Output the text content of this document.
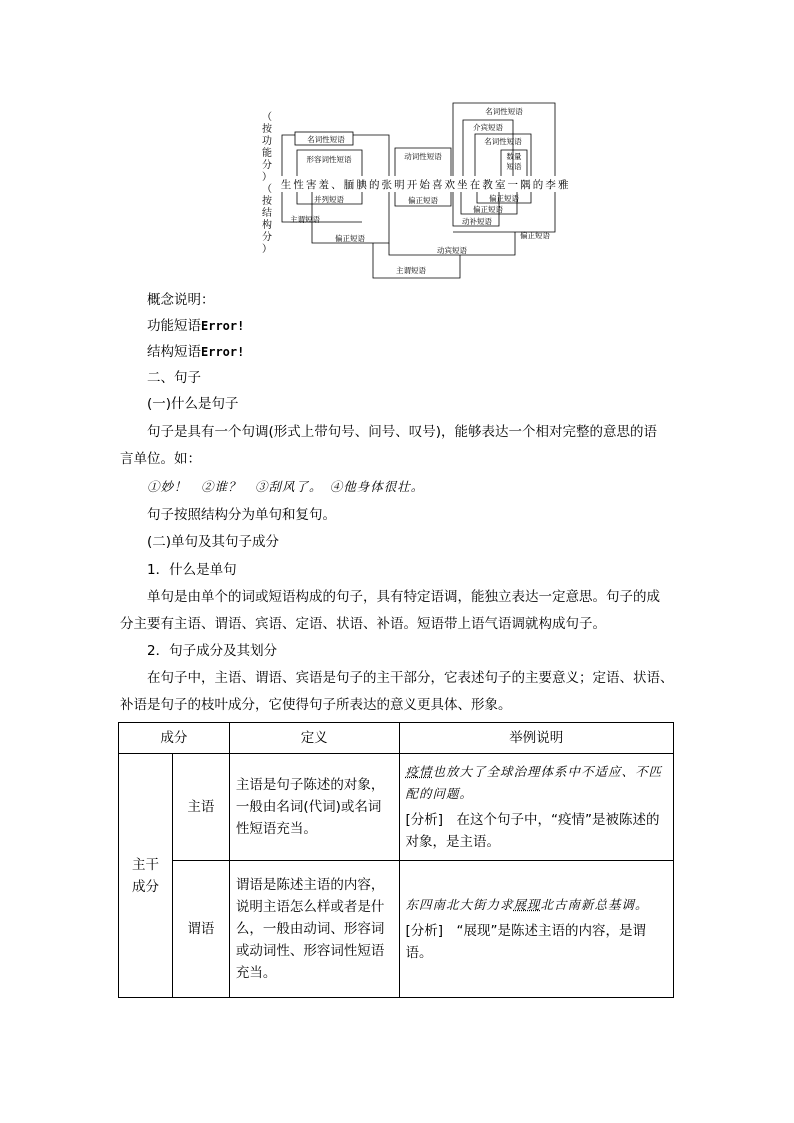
（
按
功
能
分
）
（
按
结
构
分
）
生 性 害 羞 、 腼 腆 的 张 明 开 始 喜 欢 坐 在 教 室 一 隅 的 李 雅
名词性短语
形容词性短语	动词性短语
名词性短语
介宾短语
名词性短语
数量
短语
并列短语
主谓短语
偏正短语
偏正短语	偏正短语
偏正短语
动补短语
偏正短语
动宾短语
主谓短语

概念说明：

功能短语Error!

结构短语Error!

二、句子

(一)什么是句子

句子是具有一个句调(形式上带句号、问号、叹号)，能够表达一个相对完整的意思的语

言单位。如：

①妙！　②谁？　③刮风了。　④他身体很壮。

句子按照结构分为单句和复句。

(二)单句及其句子成分

1．什么是单句

单句是由单个的词或短语构成的句子，具有特定语调，能独立表达一定意思。句子的成

分主要有主语、谓语、宾语、定语、状语、补语。短语带上语气语调就构成句子。

2．句子成分及其划分

在句子中，主语、谓语、宾语是句子的主干部分，它表述句子的主要意义；定语、状语、

补语是句子的枝叶成分，它使得句子所表达的意义更具体、形象。

成分		定义	举例说明
主干成分	主语	主语是句子陈述的对象，一般由名词(代词)或名词性短语充当。	疫情也放大了全球治理体系中不适应、不匹配的问题。
[分析]　在这个句子中，“疫情”是被陈述的对象，是主语。

	谓语	谓语是陈述主语的内容，说明主语怎么样或者是什么，一般由动词、形容词或动词性、形容词性短语充当。	东四南北大街力求展现北古南新总基调。
[分析]　“展现”是陈述主语的内容，是谓语。
